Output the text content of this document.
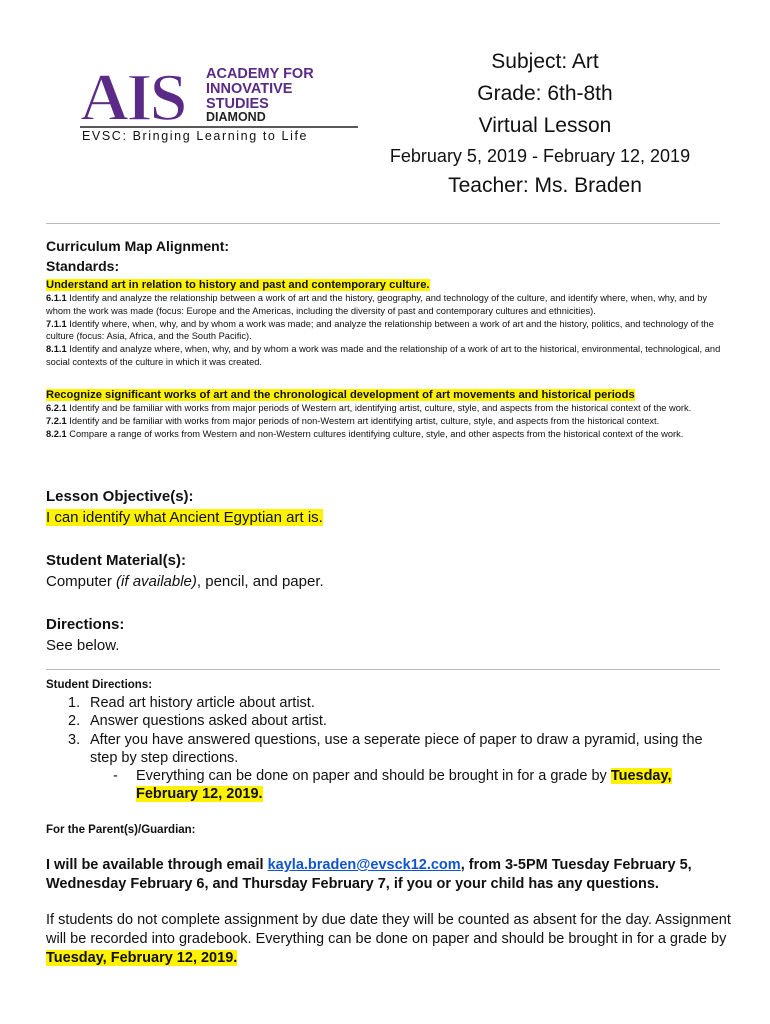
AIS ACADEMY FOR
INNOVATIVE
STUDIES
DIAMOND
EVSC: Bringing Learning to Life
Subject: Art
Grade: 6th-8th
Virtual Lesson
February 5, 2019 - February 12, 2019
Teacher: Ms. Braden
Curriculum Map Alignment:
Standards:
Understand art in relation to history and past and contemporary culture.
6.1.1 Identify and analyze the relationship between a work of art and the history, geography, and technology of the culture, and identify where, when, why, and by whom the work was made (focus: Europe and the Americas, including the diversity of past and contemporary cultures and ethnicities).
7.1.1 Identify where, when, why, and by whom a work was made; and analyze the relationship between a work of art and the history, politics, and technology of the culture (focus: Asia, Africa, and the South Pacific).
8.1.1 Identify and analyze where, when, why, and by whom a work was made and the relationship of a work of art to the historical, environmental, technological, and social contexts of the culture in which it was created.
Recognize significant works of art and the chronological development of art movements and historical periods
6.2.1 Identify and be familiar with works from major periods of Western art, identifying artist, culture, style, and aspects from the historical context of the work.
7.2.1 Identify and be familiar with works from major periods of non-Western art identifying artist, culture, style, and aspects from the historical context.
8.2.1 Compare a range of works from Western and non-Western cultures identifying culture, style, and other aspects from the historical context of the work.
Lesson Objective(s):
I can identify what Ancient Egyptian art is.
Student Material(s):
Computer (if available), pencil, and paper.
Directions:
See below.
Student Directions:
1. Read art history article about artist.
2. Answer questions asked about artist.
3. After you have answered questions, use a seperate piece of paper to draw a pyramid, using the step by step directions.
- Everything can be done on paper and should be brought in for a grade by Tuesday, February 12, 2019.
For the Parent(s)/Guardian:
I will be available through email kayla.braden@evsck12.com, from 3-5PM Tuesday February 5, Wednesday February 6, and Thursday February 7, if you or your child has any questions.
If students do not complete assignment by due date they will be counted as absent for the day. Assignment will be recorded into gradebook. Everything can be done on paper and should be brought in for a grade by Tuesday, February 12, 2019.
